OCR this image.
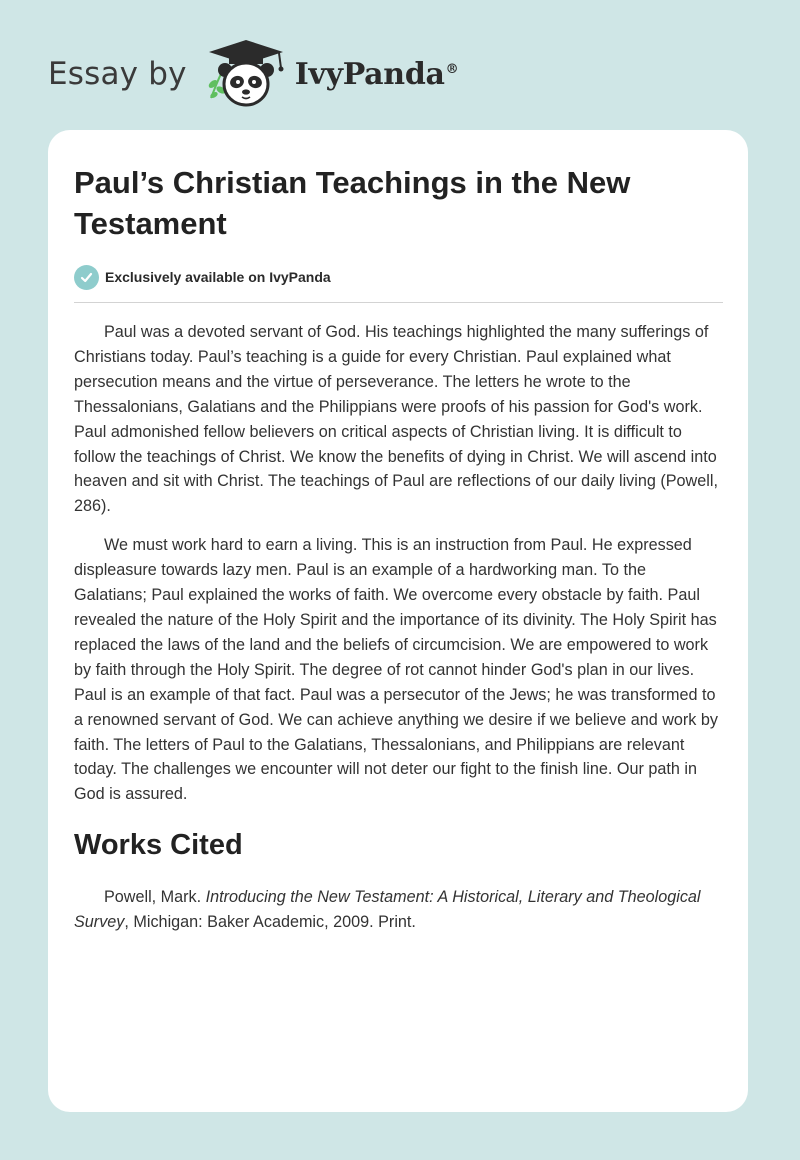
Essay by	IvyPanda®
Paul’s Christian Teachings in the New Testament
Exclusively available on IvyPanda

Paul was a devoted servant of God. His teachings highlighted the many sufferings of Christians today. Paul’s teaching is a guide for every Christian. Paul explained what persecution means and the virtue of perseverance. The letters he wrote to the Thessalonians, Galatians and the Philippians were proofs of his passion for God's work. Paul admonished fellow believers on critical aspects of Christian living. It is difficult to follow the teachings of Christ. We know the benefits of dying in Christ. We will ascend into heaven and sit with Christ. The teachings of Paul are reflections of our daily living (Powell, 286).

We must work hard to earn a living. This is an instruction from Paul. He expressed displeasure towards lazy men. Paul is an example of a hardworking man. To the Galatians; Paul explained the works of faith. We overcome every obstacle by faith. Paul revealed the nature of the Holy Spirit and the importance of its divinity. The Holy Spirit has replaced the laws of the land and the beliefs of circumcision. We are empowered to work by faith through the Holy Spirit. The degree of rot cannot hinder God's plan in our lives. Paul is an example of that fact. Paul was a persecutor of the Jews; he was transformed to a renowned servant of God. We can achieve anything we desire if we believe and work by faith. The letters of Paul to the Galatians, Thessalonians, and Philippians are relevant today. The challenges we encounter will not deter our fight to the finish line. Our path in God is assured.

Works Cited

Powell, Mark. Introducing the New Testament: A Historical, Literary and Theological Survey, Michigan: Baker Academic, 2009. Print.
